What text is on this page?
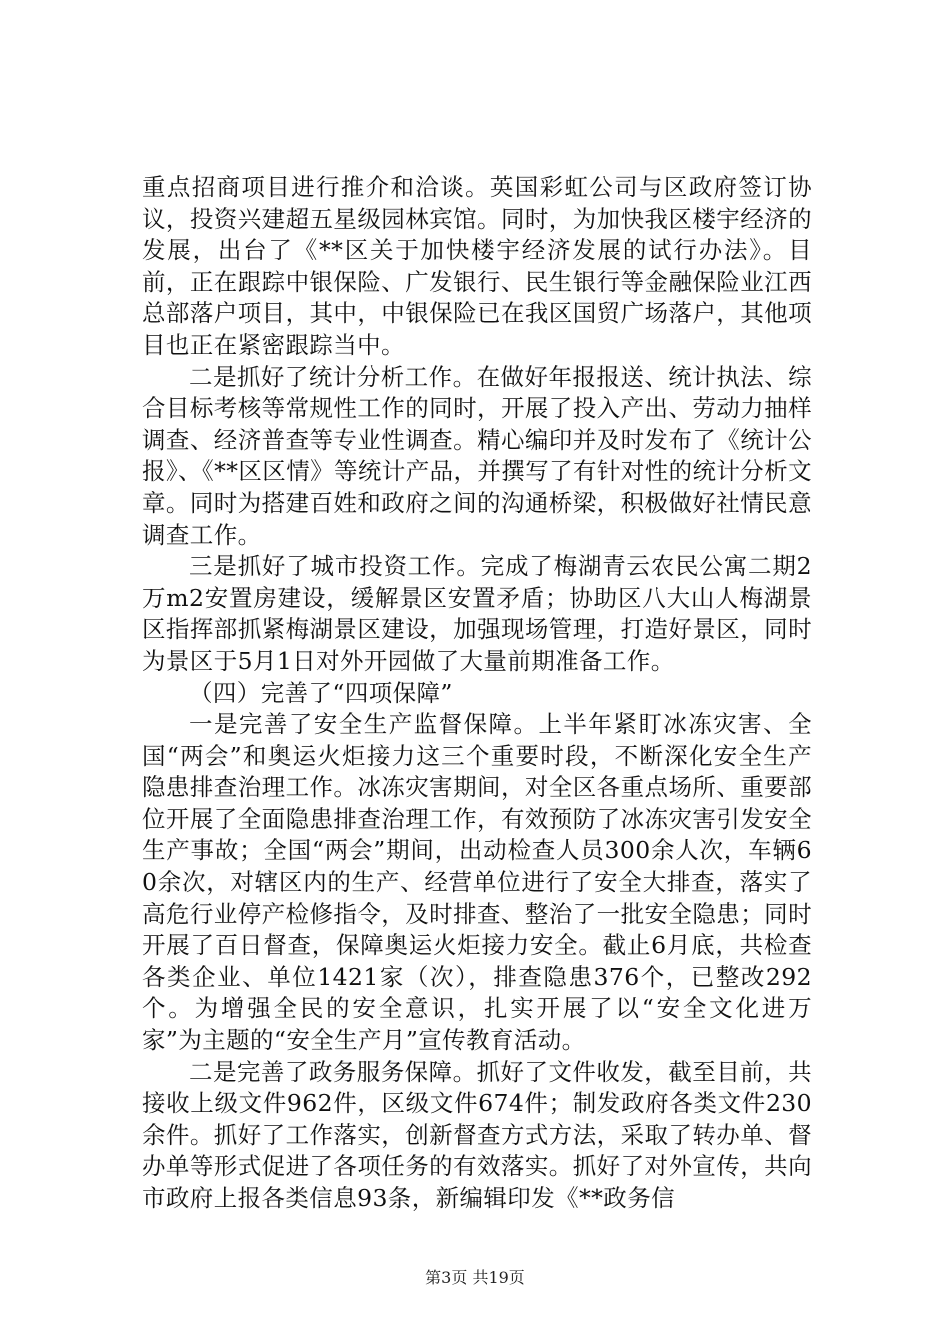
重点招商项目进行推介和洽谈。英国彩虹公司与区政府签订协议，投资兴建超五星级园林宾馆。同时，为加快我区楼宇经济的发展，出台了《**区关于加快楼宇经济发展的试行办法》。目前，正在跟踪中银保险、广发银行、民生银行等金融保险业江西总部落户项目，其中，中银保险已在我区国贸广场落户，其他项目也正在紧密跟踪当中。

二是抓好了统计分析工作。在做好年报报送、统计执法、综合目标考核等常规性工作的同时，开展了投入产出、劳动力抽样调查、经济普查等专业性调查。精心编印并及时发布了《统计公报》、《**区区情》等统计产品，并撰写了有针对性的统计分析文章。同时为搭建百姓和政府之间的沟通桥梁，积极做好社情民意调查工作。

三是抓好了城市投资工作。完成了梅湖青云农民公寓二期2万m2安置房建设，缓解景区安置矛盾；协助区八大山人梅湖景区指挥部抓紧梅湖景区建设，加强现场管理，打造好景区，同时为景区于5月1日对外开园做了大量前期准备工作。

（四）完善了“四项保障”

一是完善了安全生产监督保障。上半年紧盯冰冻灾害、全国“两会”和奥运火炬接力这三个重要时段，不断深化安全生产隐患排查治理工作。冰冻灾害期间，对全区各重点场所、重要部位开展了全面隐患排查治理工作，有效预防了冰冻灾害引发安全生产事故；全国“两会”期间，出动检查人员300余人次，车辆60余次，对辖区内的生产、经营单位进行了安全大排查，落实了高危行业停产检修指令，及时排查、整治了一批安全隐患；同时开展了百日督查，保障奥运火炬接力安全。截止6月底，共检查各类企业、单位1421家（次），排查隐患376个，已整改292个。为增强全民的安全意识，扎实开展了以“安全文化进万家”为主题的“安全生产月”宣传教育活动。

二是完善了政务服务保障。抓好了文件收发，截至目前，共接收上级文件962件，区级文件674件；制发政府各类文件230余件。抓好了工作落实，创新督查方式方法，采取了转办单、督办单等形式促进了各项任务的有效落实。抓好了对外宣传，共向市政府上报各类信息93条，新编辑印发《**政务信

第3页 共19页
